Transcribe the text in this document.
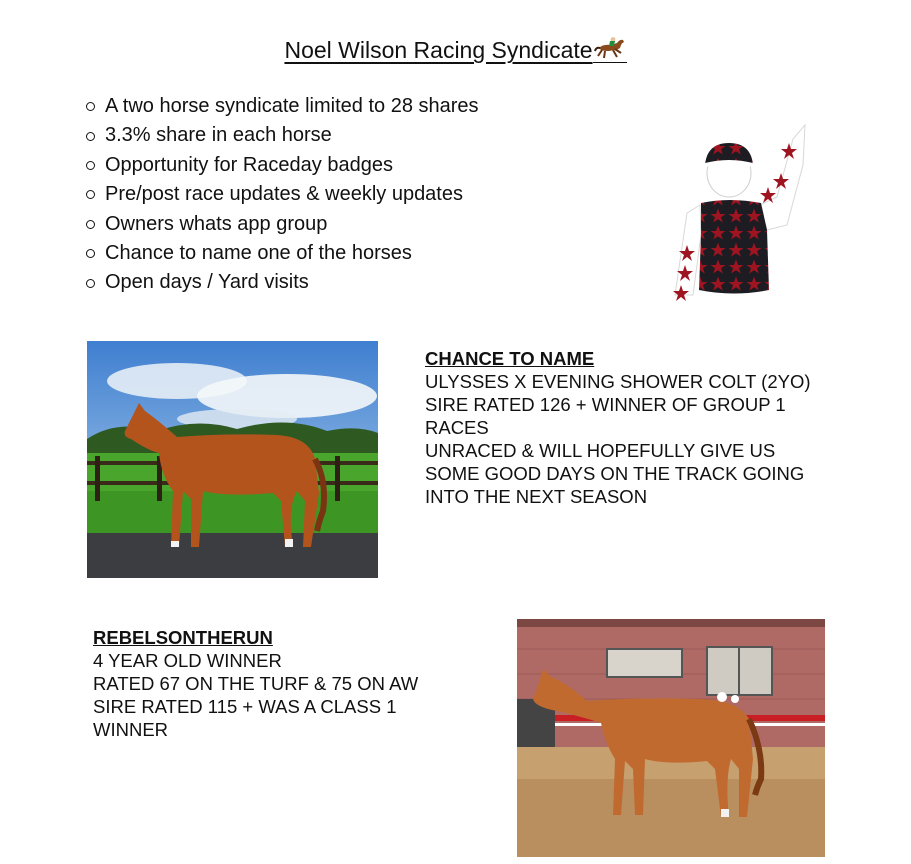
Noel Wilson Racing Syndicate
A two horse syndicate limited to 28 shares
3.3% share in each horse
Opportunity for Raceday badges
Pre/post race updates & weekly updates
Owners whats app group
Chance to name one of the horses
Open days / Yard visits
CHANCE TO NAME
ULYSSES X EVENING SHOWER COLT (2YO)
SIRE RATED 126 + WINNER OF GROUP 1
RACES
UNRACED & WILL HOPEFULLY GIVE US
SOME GOOD DAYS ON THE TRACK GOING
INTO THE NEXT SEASON
REBELSONTHERUN
4 YEAR OLD WINNER
RATED 67 ON THE TURF & 75 ON AW
SIRE RATED 115 + WAS A CLASS 1
WINNER
